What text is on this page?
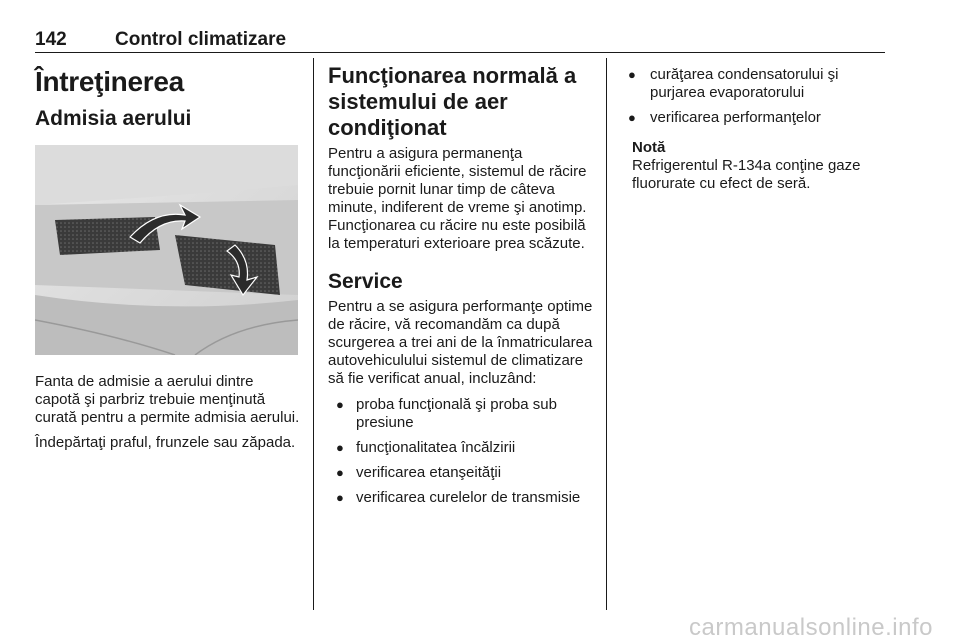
142	Control climatizare
Întreţinerea
Admisia aerului

Fanta de admisie a aerului dintre capotă şi parbriz trebuie menţinută curată pentru a permite admisia aerului.

Îndepărtaţi praful, frunzele sau zăpada.

Funcţionarea normală a sistemului de aer condiţionat

Pentru a asigura permanenţa funcţionării eficiente, sistemul de răcire trebuie pornit lunar timp de câteva minute, indiferent de vreme şi anotimp. Funcţionarea cu răcire nu este posibilă la temperaturi exterioare prea scăzute.

Service

Pentru a se asigura performanţe optime de răcire, vă recomandăm ca după scurgerea a trei ani de la înmatricularea autovehiculului sistemul de climatizare să fie verificat anual, incluzând:

● proba funcţională şi proba sub presiune
● funcţionalitatea încălzirii
● verificarea etanşeităţii
● verificarea curelelor de transmisie
● curăţarea condensatorului şi purjarea evaporatorului
● verificarea performanţelor
Notă
Refrigerentul R-134a conţine gaze fluorurate cu efect de seră.
carmanualsonline.info
